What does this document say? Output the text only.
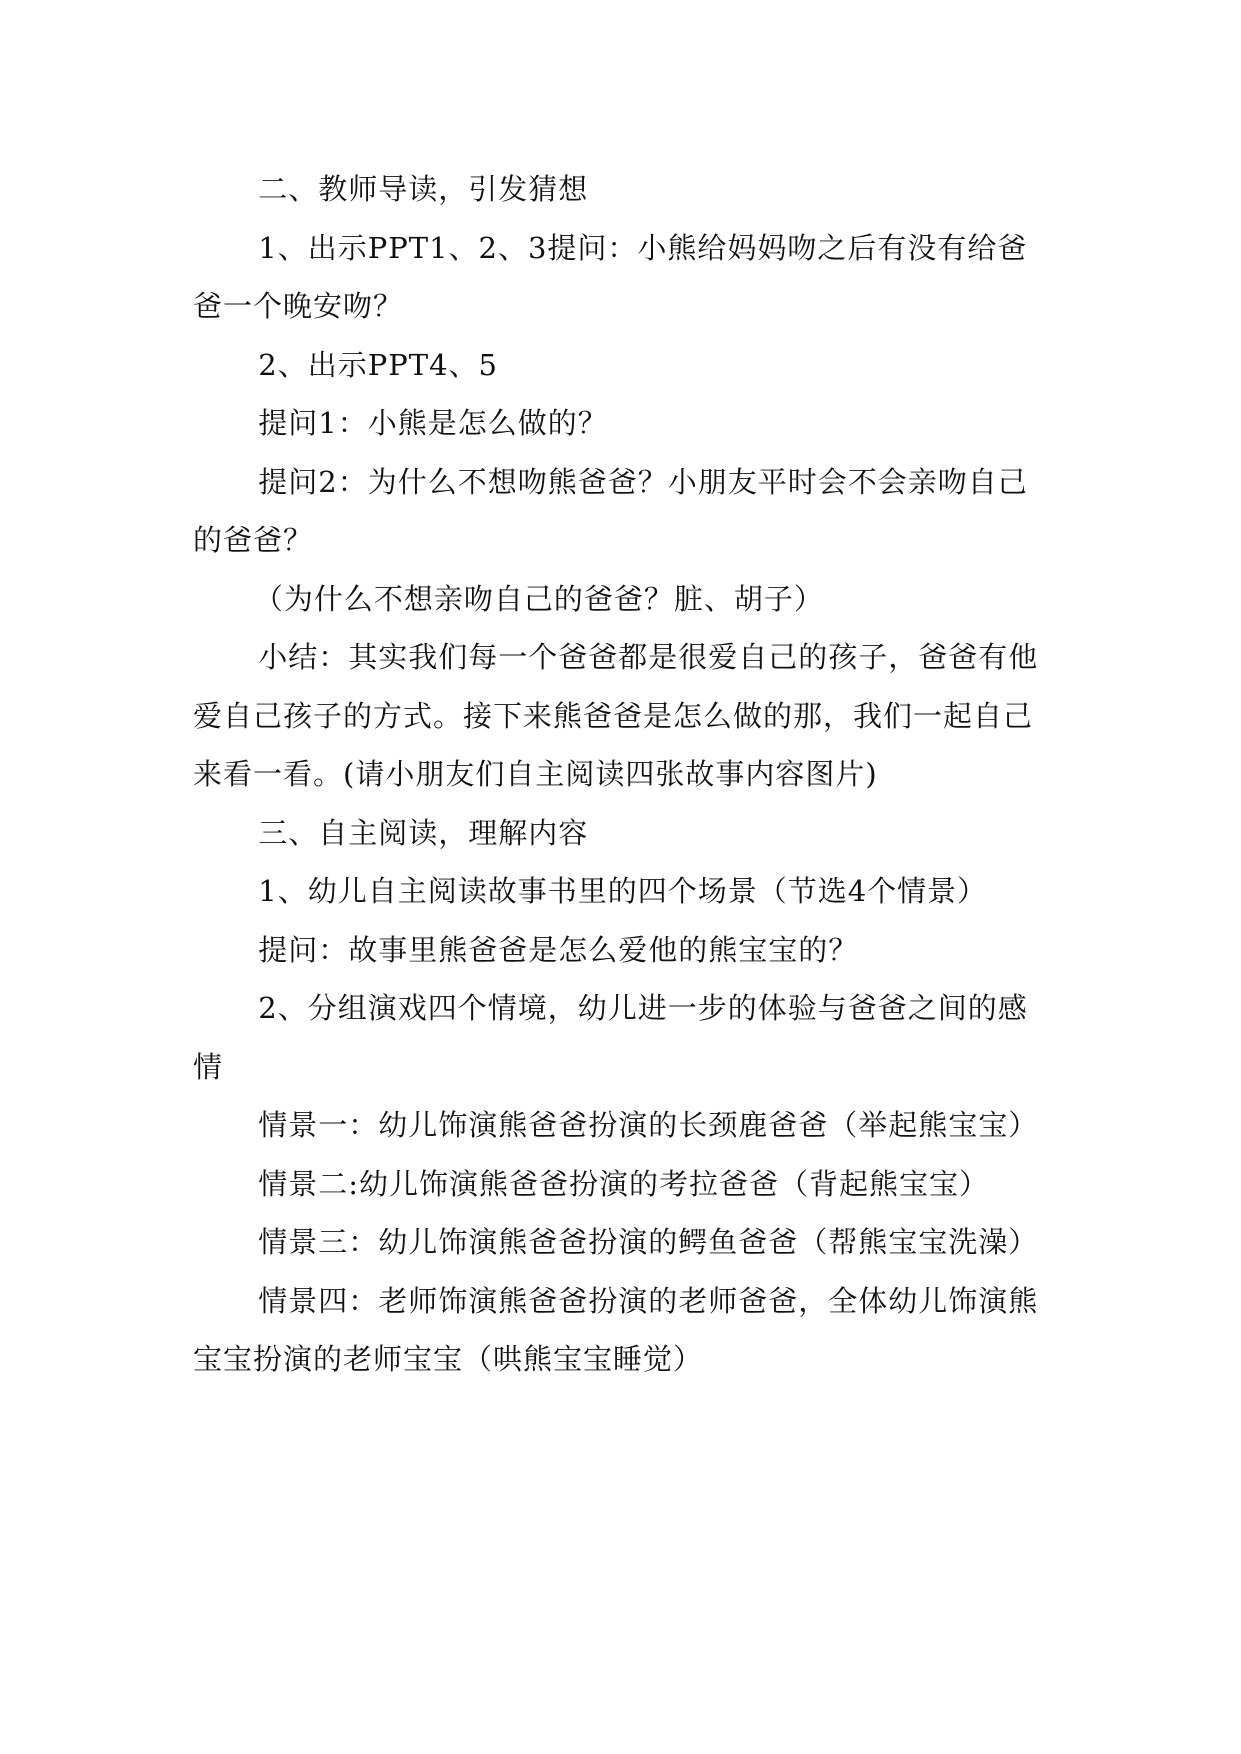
二、教师导读，引发猜想

1、出示PPT1、2、3提问：小熊给妈妈吻之后有没有给爸爸一个晚安吻？

2、出示PPT4、5

提问1：小熊是怎么做的？

提问2：为什么不想吻熊爸爸？小朋友平时会不会亲吻自己的爸爸？

（为什么不想亲吻自己的爸爸？脏、胡子）

小结：其实我们每一个爸爸都是很爱自己的孩子，爸爸有他爱自己孩子的方式。接下来熊爸爸是怎么做的那，我们一起自己来看一看。(请小朋友们自主阅读四张故事内容图片)

三、自主阅读，理解内容

1、幼儿自主阅读故事书里的四个场景（节选4个情景）

提问：故事里熊爸爸是怎么爱他的熊宝宝的？

2、分组演戏四个情境，幼儿进一步的体验与爸爸之间的感情

情景一：幼儿饰演熊爸爸扮演的长颈鹿爸爸（举起熊宝宝）

情景二:幼儿饰演熊爸爸扮演的考拉爸爸（背起熊宝宝）

情景三：幼儿饰演熊爸爸扮演的鳄鱼爸爸（帮熊宝宝洗澡）

情景四：老师饰演熊爸爸扮演的老师爸爸，全体幼儿饰演熊宝宝扮演的老师宝宝（哄熊宝宝睡觉）
